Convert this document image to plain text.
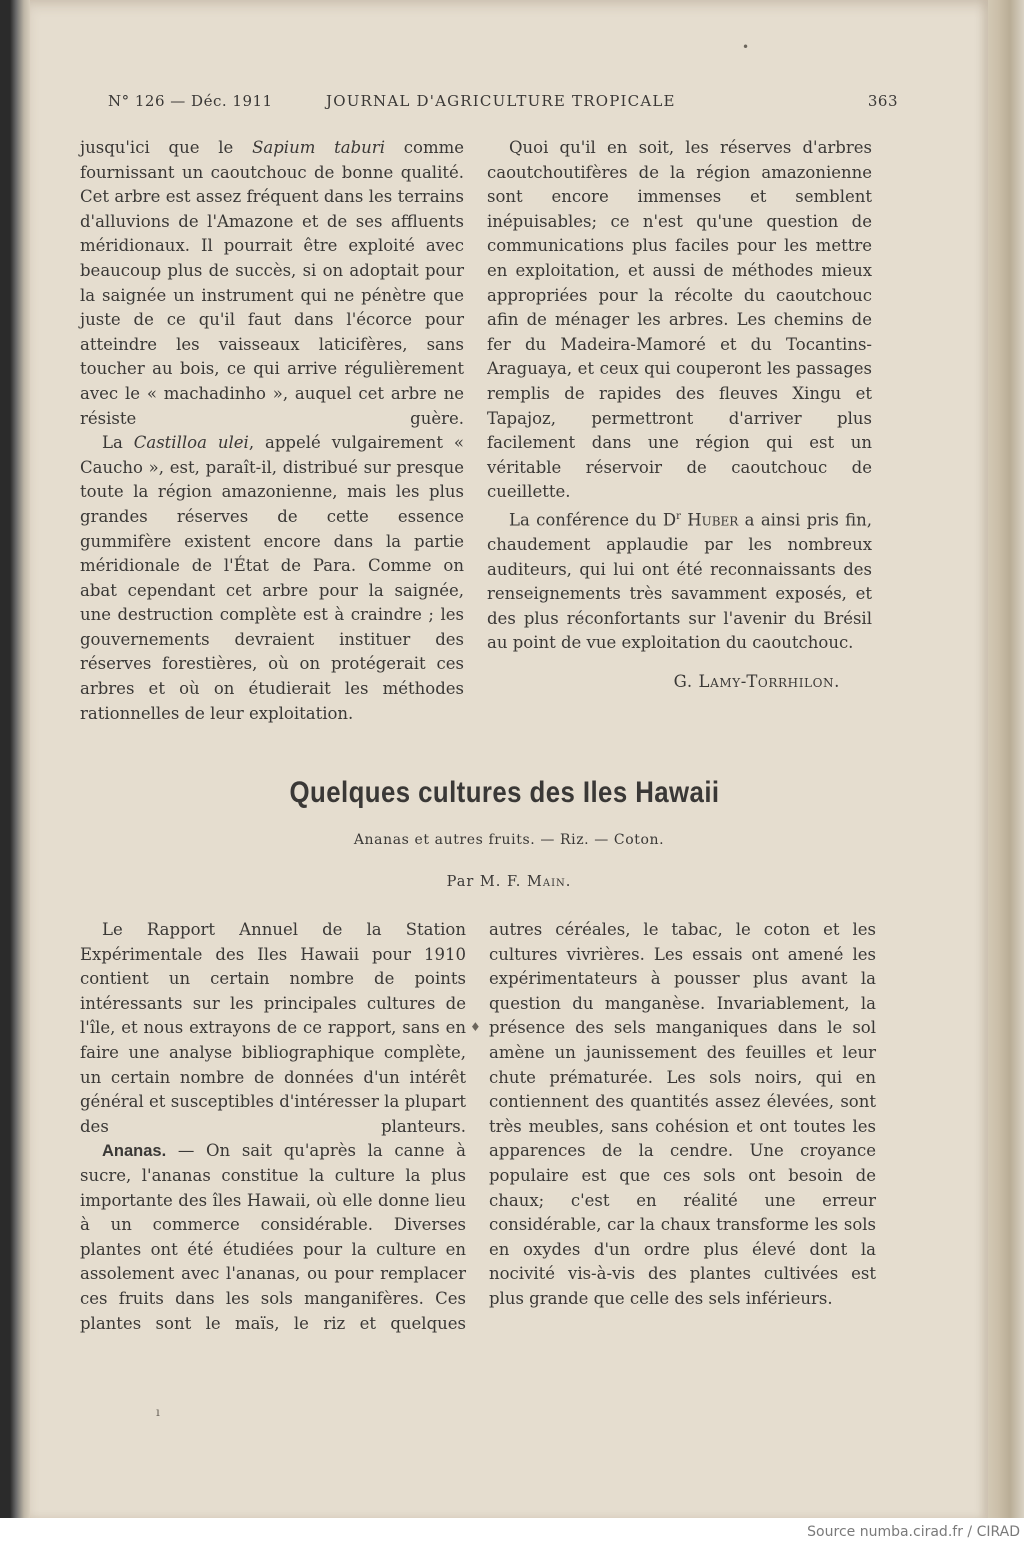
N° 126 — Déc. 1911	JOURNAL D'AGRICULTURE TROPICALE	363

jusqu'ici que le Sapium taburi comme fournissant un caoutchouc de bonne qualité. Cet arbre est assez fréquent dans les terrains d'alluvions de l'Amazone et de ses affluents méridionaux. Il pourrait être exploité avec beaucoup plus de succès, si on adoptait pour la saignée un instrument qui ne pénètre que juste de ce qu'il faut dans l'écorce pour atteindre les vaisseaux laticifères, sans toucher au bois, ce qui arrive régulièrement avec le « machadinho », auquel cet arbre ne résiste guère.

La Castilloa ulei, appelé vulgairement « Caucho », est, paraît-il, distribué sur presque toute la région amazonienne, mais les plus grandes réserves de cette essence gummifère existent encore dans la partie méridionale de l'État de Para. Comme on abat cependant cet arbre pour la saignée, une destruction complète est à craindre ; les gouvernements devraient instituer des réserves forestières, où on protégerait ces arbres et où on étudierait les méthodes rationnelles de leur exploitation.

Quoi qu'il en soit, les réserves d'arbres caoutchoutifères de la région amazonienne sont encore immenses et semblent inépuisables; ce n'est qu'une question de communications plus faciles pour les mettre en exploitation, et aussi de méthodes mieux appropriées pour la récolte du caoutchouc afin de ménager les arbres. Les chemins de fer du Madeira-Mamoré et du Tocantins-Araguaya, et ceux qui couperont les passages remplis de rapides des fleuves Xingu et Tapajoz, permettront d'arriver plus facilement dans une région qui est un véritable réservoir de caoutchouc de cueillette.

La conférence du $D^r$ Huber a ainsi pris fin, chaudement applaudie par les nombreux auditeurs, qui lui ont été reconnaissants des renseignements très savamment exposés, et des plus réconfortants sur l'avenir du Brésil au point de vue exploitation du caoutchouc.

G. Lamy-Torrhilon.

Quelques cultures des Iles Hawaii
Ananas et autres fruits. — Riz. — Coton.
Par M. F. Main.

Le Rapport Annuel de la Station Expérimentale des Iles Hawaii pour 1910 contient un certain nombre de points intéressants sur les principales cultures de l'île, et nous extrayons de ce rapport, sans en faire une analyse bibliographique complète, un certain nombre de données d'un intérêt général et susceptibles d'intéresser la plupart des planteurs.

Ananas. — On sait qu'après la canne à sucre, l'ananas constitue la culture la plus importante des îles Hawaii, où elle donne lieu à un commerce considérable. Diverses plantes ont été étudiées pour la culture en assolement avec l'ananas, ou pour remplacer ces fruits dans les sols manganifères. Ces plantes sont le maïs, le riz et quelques

autres céréales, le tabac, le coton et les cultures vivrières. Les essais ont amené les expérimentateurs à pousser plus avant la question du manganèse. Invariablement, la présence des sels manganiques dans le sol amène un jaunissement des feuilles et leur chute prématurée. Les sols noirs, qui en contiennent des quantités assez élevées, sont très meubles, sans cohésion et ont toutes les apparences de la cendre. Une croyance populaire est que ces sols ont besoin de chaux; c'est en réalité une erreur considérable, car la chaux transforme les sols en oxydes d'un ordre plus élevé dont la nocivité vis-à-vis des plantes cultivées est plus grande que celle des sels inférieurs.

•
♦
ı
Source numba.cirad.fr / CIRAD
